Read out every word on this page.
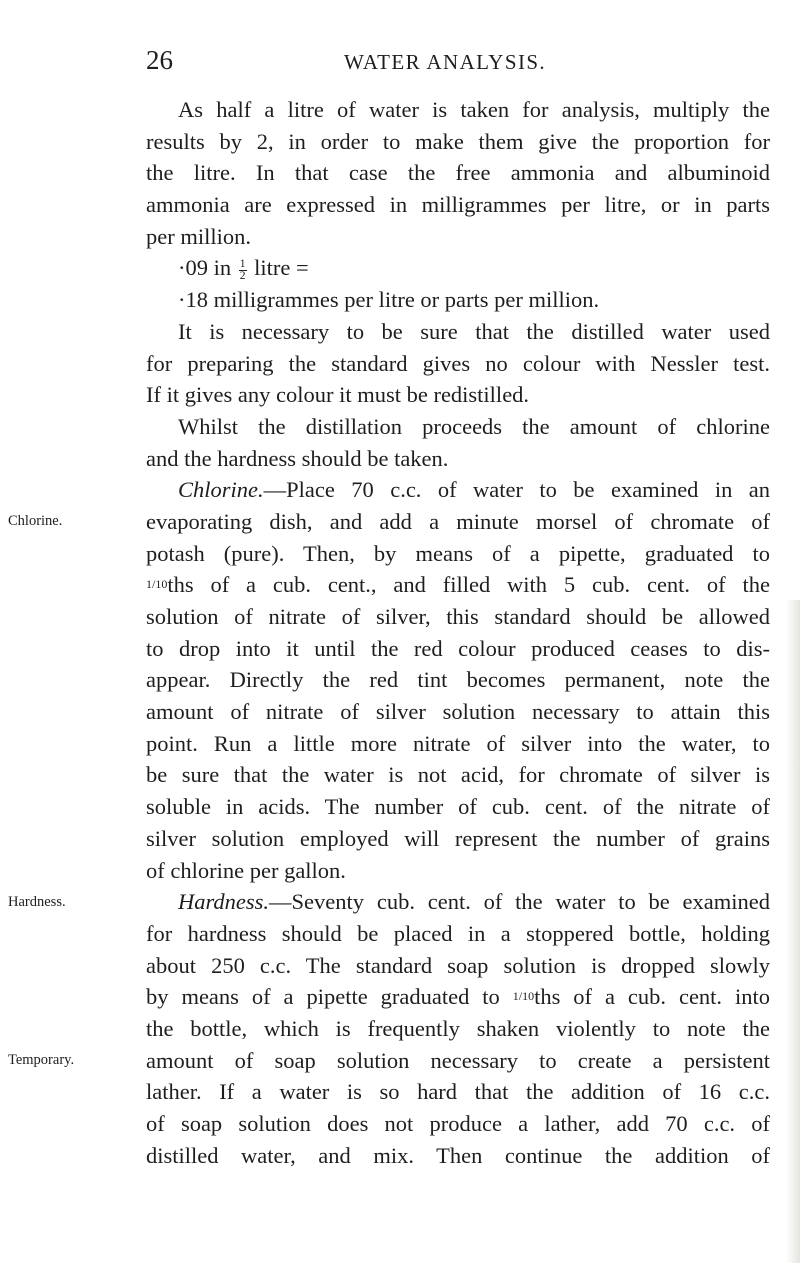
26	WATER ANALYSIS.
Chlorine.
Hardness.
Temporary.
As half a litre of water is taken for analysis, multiply the
results by 2, in order to make them give the proportion for
the litre. In that case the free ammonia and albuminoid
ammonia are expressed in milligrammes per litre, or in parts
per million.
·09 in $\frac{1}{2}$ litre =
·18 milligrammes per litre or parts per million.
It is necessary to be sure that the distilled water used
for preparing the standard gives no colour with Nessler test.
If it gives any colour it must be redistilled.
Whilst the distillation proceeds the amount of chlorine
and the hardness should be taken.
Chlorine.—Place 70 c.c. of water to be examined in an
evaporating dish, and add a minute morsel of chromate of
potash (pure). Then, by means of a pipette, graduated to
$^{1/10}$ths of a cub. cent., and filled with 5 cub. cent. of the
solution of nitrate of silver, this standard should be allowed
to drop into it until the red colour produced ceases to dis-
appear. Directly the red tint becomes permanent, note the
amount of nitrate of silver solution necessary to attain this
point. Run a little more nitrate of silver into the water, to
be sure that the water is not acid, for chromate of silver is
soluble in acids. The number of cub. cent. of the nitrate of
silver solution employed will represent the number of grains
of chlorine per gallon.
Hardness.—Seventy cub. cent. of the water to be examined
for hardness should be placed in a stoppered bottle, holding
about 250 c.c. The standard soap solution is dropped slowly
by means of a pipette graduated to $^{1/10}$ths of a cub. cent. into
the bottle, which is frequently shaken violently to note the
amount of soap solution necessary to create a persistent
lather. If a water is so hard that the addition of 16 c.c.
of soap solution does not produce a lather, add 70 c.c. of
distilled water, and mix. Then continue the addition of
